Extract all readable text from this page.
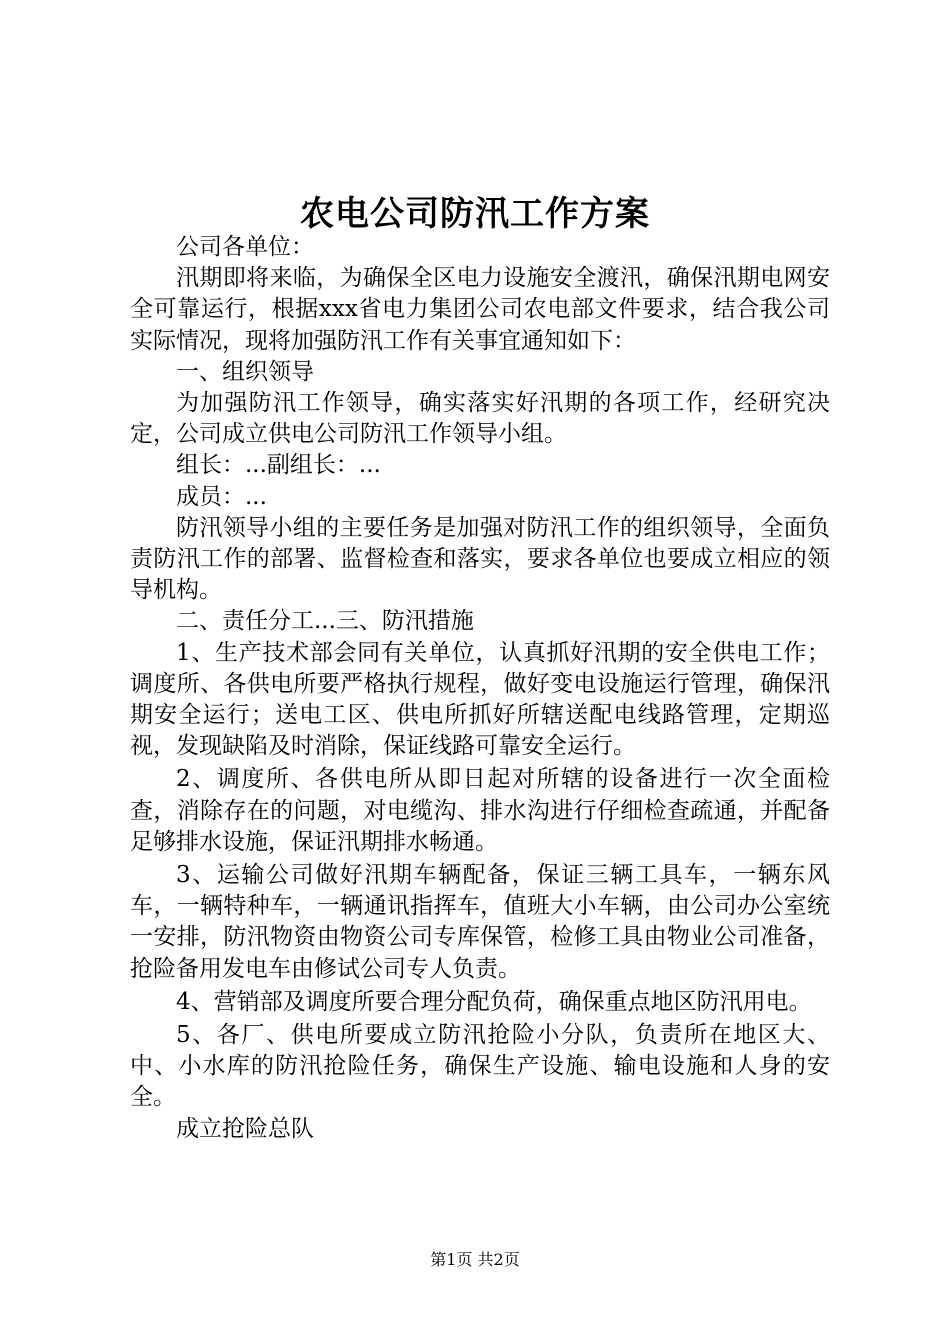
农电公司防汛工作方案

公司各单位：

汛期即将来临，为确保全区电力设施安全渡汛，确保汛期电网安全可靠运行，根据xxx省电力集团公司农电部文件要求，结合我公司实际情况，现将加强防汛工作有关事宜通知如下：

一、组织领导

为加强防汛工作领导，确实落实好汛期的各项工作，经研究决定，公司成立供电公司防汛工作领导小组。

组长：...副组长：...

成员：...

防汛领导小组的主要任务是加强对防汛工作的组织领导，全面负责防汛工作的部署、监督检查和落实，要求各单位也要成立相应的领导机构。

二、责任分工...三、防汛措施

1、生产技术部会同有关单位，认真抓好汛期的安全供电工作；调度所、各供电所要严格执行规程，做好变电设施运行管理，确保汛期安全运行；送电工区、供电所抓好所辖送配电线路管理，定期巡视，发现缺陷及时消除，保证线路可靠安全运行。

2、调度所、各供电所从即日起对所辖的设备进行一次全面检查，消除存在的问题，对电缆沟、排水沟进行仔细检查疏通，并配备足够排水设施，保证汛期排水畅通。

3、运输公司做好汛期车辆配备，保证三辆工具车，一辆东风车，一辆特种车，一辆通讯指挥车，值班大小车辆，由公司办公室统一安排，防汛物资由物资公司专库保管，检修工具由物业公司准备，抢险备用发电车由修试公司专人负责。

4、营销部及调度所要合理分配负荷，确保重点地区防汛用电。

5、各厂、供电所要成立防汛抢险小分队，负责所在地区大、中、小水库的防汛抢险任务，确保生产设施、输电设施和人身的安全。

成立抢险总队

第1页 共2页
